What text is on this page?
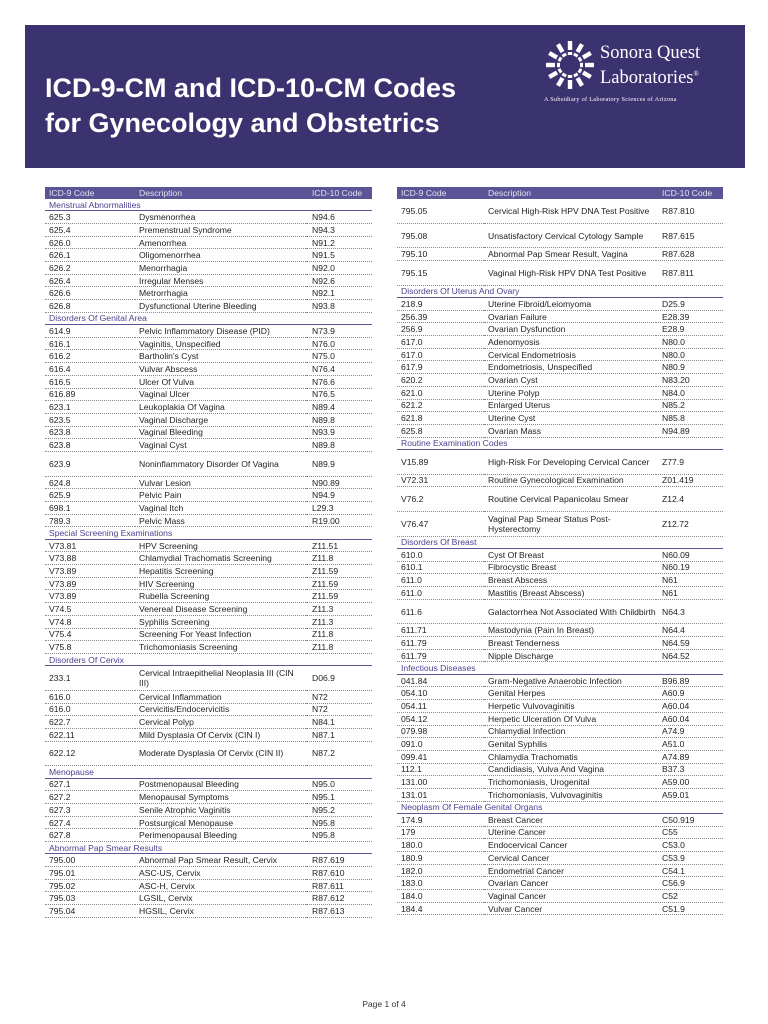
ICD-9-CM and ICD-10-CM Codes
for Gynecology and Obstetrics
Sonora Quest
Laboratories®
A Subsidiary of Laboratory Sciences of Arizona
ICD-9 Code	Description	ICD-10 Code
Menstrual Abnormalities		
625.3	Dysmenorrhea	N94.6
625.4	Premenstrual Syndrome	N94.3
626.0	Amenorrhea	N91.2
626.1	Oligomenorrhea	N91.5
626.2	Menorrhagia	N92.0
626.4	Irregular Menses	N92.6
626.6	Metrorrhagia	N92.1
626.8	Dysfunctional Uterine Bleeding	N93.8
Disorders Of Genital Area		
614.9	Pelvic Inflammatory Disease (PID)	N73.9
616.1	Vaginitis, Unspecified	N76.0
616.2	Bartholin's Cyst	N75.0
616.4	Vulvar Abscess	N76.4
616.5	Ulcer Of Vulva	N76.6
616.89	Vaginal Ulcer	N76.5
623.1	Leukoplakia Of Vagina	N89.4
623.5	Vaginal Discharge	N89.8
623.8	Vaginal Bleeding	N93.9
623.8	Vaginal Cyst	N89.8
623.9	Noninflammatory Disorder Of Vagina	N89.9
624.8	Vulvar Lesion	N90.89
625.9	Pelvic Pain	N94.9
698.1	Vaginal Itch	L29.3
789.3	Pelvic Mass	R19.00
Special Screening Examinations		
V73.81	HPV Screening	Z11.51
V73.88	Chlamydial Trachomatis Screening	Z11.8
V73.89	Hepatitis Screening	Z11.59
V73.89	HIV Screening	Z11.59
V73.89	Rubella Screening	Z11.59
V74.5	Venereal Disease Screening	Z11.3
V74.8	Syphilis Screening	Z11.3
V75.4	Screening For Yeast Infection	Z11.8
V75.8	Trichomoniasis Screening	Z11.8
Disorders Of Cervix		
233.1	Cervical Intraepithelial Neoplasia III (CIN III)	D06.9
616.0	Cervical Inflammation	N72
616.0	Cervicitis/Endocervicitis	N72
622.7	Cervical Polyp	N84.1
622.11	Mild Dysplasia Of Cervix (CIN I)	N87.1
622.12	Moderate Dysplasia Of Cervix (CIN II)	N87.2
Menopause		
627.1	Postmenopausal Bleeding	N95.0
627.2	Menopausal Symptoms	N95.1
627.3	Senile Atrophic Vaginitis	N95.2
627.4	Postsurgical Menopause	N95.8
627.8	Perimenopausal Bleeding	N95.8
Abnormal Pap Smear Results		
795.00	Abnormal Pap Smear Result, Cervix	R87.619
795.01	ASC-US, Cervix	R87.610
795.02	ASC-H, Cervix	R87.611
795.03	LGSIL, Cervix	R87.612
795.04	HGSIL, Cervix	R87.613
ICD-9 Code	Description	ICD-10 Code
795.05	Cervical High-Risk HPV DNA Test Positive	R87.810
795.08	Unsatisfactory Cervical Cytology Sample	R87.615
795.10	Abnormal Pap Smear Result, Vagina	R87.628
795.15	Vaginal High-Risk HPV DNA Test Positive	R87.811
Disorders Of Uterus And Ovary		
218.9	Uterine Fibroid/Leiomyoma	D25.9
256.39	Ovarian Failure	E28.39
256.9	Ovarian Dysfunction	E28.9
617.0	Adenomyosis	N80.0
617.0	Cervical Endometriosis	N80.0
617.9	Endometriosis, Unspecified	N80.9
620.2	Ovarian Cyst	N83.20
621.0	Uterine Polyp	N84.0
621.2	Enlarged Uterus	N85.2
621.8	Uterine Cyst	N85.8
625.8	Ovarian Mass	N94.89
Routine Examination Codes		
V15.89	High-Risk For Developing Cervical Cancer	Z77.9
V72.31	Routine Gynecological Examination	Z01.419
V76.2	Routine Cervical Papanicolau Smear	Z12.4
V76.47	Vaginal Pap Smear Status Post-Hysterectomy	Z12.72
Disorders Of Breast		
610.0	Cyst Of Breast	N60.09
610.1	Fibrocystic Breast	N60.19
611.0	Breast Abscess	N61
611.0	Mastitis (Breast Abscess)	N61
611.6	Galactorrhea Not Associated With Childbirth	N64.3
611.71	Mastodynia (Pain In Breast)	N64.4
611.79	Breast Tenderness	N64.59
611.79	Nipple Discharge	N64.52
Infectious Diseases		
041.84	Gram-Negative Anaerobic Infection	B96.89
054.10	Genital Herpes	A60.9
054.11	Herpetic Vulvovaginitis	A60.04
054.12	Herpetic Ulceration Of Vulva	A60.04
079.98	Chlamydial Infection	A74.9
091.0	Genital Syphilis	A51.0
099.41	Chlamydia Trachomatis	A74.89
112.1	Candidiasis, Vulva And Vagina	B37.3
131.00	Trichomoniasis, Urogenital	A59.00
131.01	Trichomoniasis, Vulvovaginitis	A59.01
Neoplasm Of Female Genital Organs		
174.9	Breast Cancer	C50.919
179	Uterine Cancer	C55
180.0	Endocervical Cancer	C53.0
180.9	Cervical Cancer	C53.9
182.0	Endometrial Cancer	C54.1
183.0	Ovarian Cancer	C56.9
184.0	Vaginal Cancer	C52
184.4	Vulvar Cancer	C51.9
Page 1 of 4
